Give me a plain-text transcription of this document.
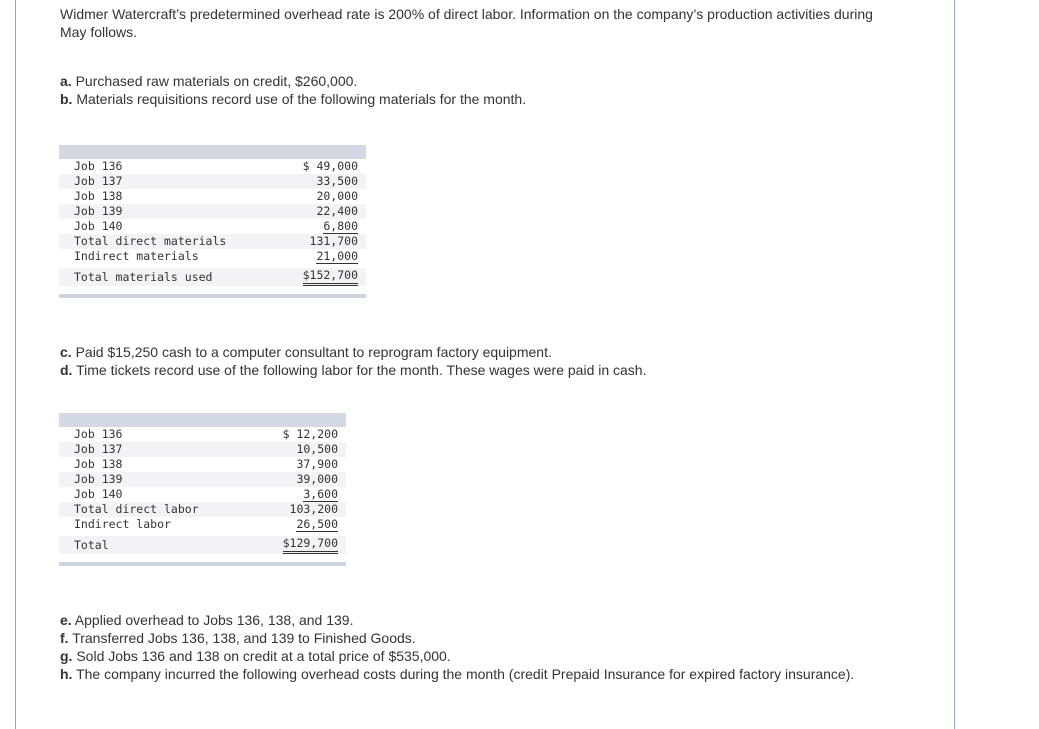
Widmer Watercraft’s predetermined overhead rate is 200% of direct labor. Information on the company’s production activities during May follows.

a. Purchased raw materials on credit, $260,000.
b. Materials requisitions record use of the following materials for the month.
Job 136	$ 49,000
Job 137	33,500
Job 138	20,000
Job 139	22,400
Job 140	6,800
Total direct materials	131,700
Indirect materials	21,000
Total materials used	$152,700
c. Paid $15,250 cash to a computer consultant to reprogram factory equipment.
d. Time tickets record use of the following labor for the month. These wages were paid in cash.
Job 136	$ 12,200
Job 137	10,500
Job 138	37,900
Job 139	39,000
Job 140	3,600
Total direct labor	103,200
Indirect labor	26,500
Total	$129,700
e. Applied overhead to Jobs 136, 138, and 139.
f. Transferred Jobs 136, 138, and 139 to Finished Goods.
g. Sold Jobs 136 and 138 on credit at a total price of $535,000.
h. The company incurred the following overhead costs during the month (credit Prepaid Insurance for expired factory insurance).
